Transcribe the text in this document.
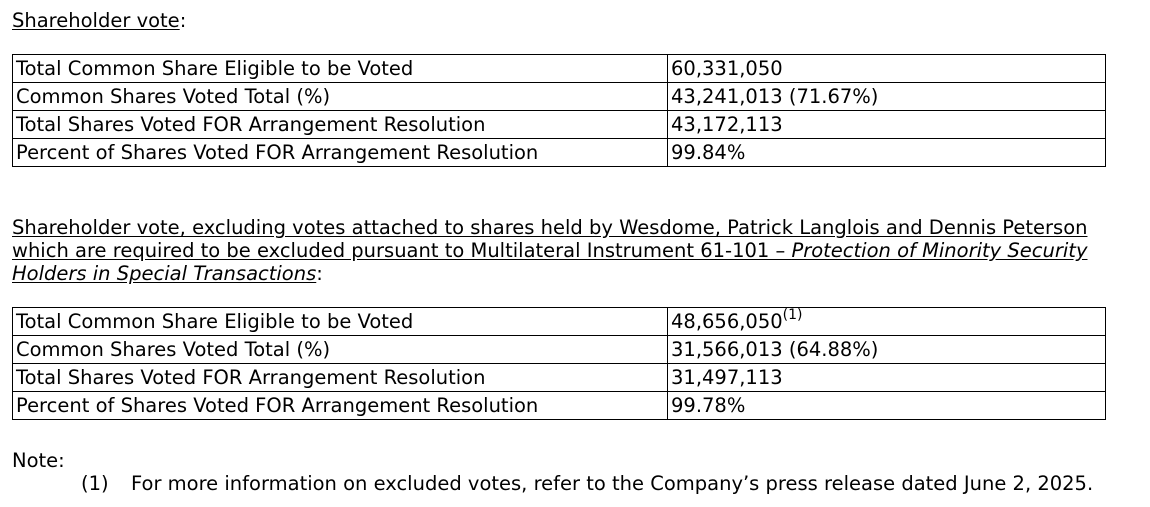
Shareholder vote:
Total Common Share Eligible to be Voted	60,331,050
Common Shares Voted Total (%)	43,241,013 (71.67%)
Total Shares Voted FOR Arrangement Resolution	43,172,113
Percent of Shares Voted FOR Arrangement Resolution	99.84%
Shareholder vote, excluding votes attached to shares held by Wesdome, Patrick Langlois and Dennis Peterson
which are required to be excluded pursuant to Multilateral Instrument 61-101 – Protection of Minority Security
Holders in Special Transactions:
Total Common Share Eligible to be Voted	48,656,050$^{(1)}$
Common Shares Voted Total (%)	31,566,013 (64.88%)
Total Shares Voted FOR Arrangement Resolution	31,497,113
Percent of Shares Voted FOR Arrangement Resolution	99.78%
Note:
(1) For more information on excluded votes, refer to the Company’s press release dated June 2, 2025.
